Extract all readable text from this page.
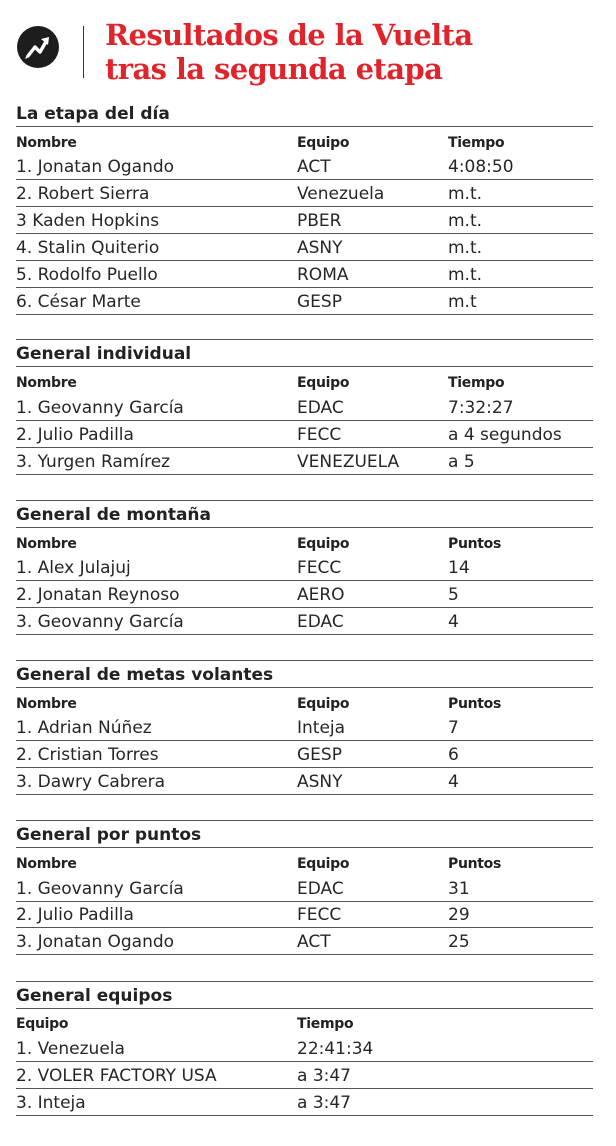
Resultados de la Vuelta
tras la segunda etapa
La etapa del día
Nombre	Equipo	Tiempo
1. Jonatan Ogando	ACT	4:08:50
2. Robert Sierra	Venezuela	m.t.
3 Kaden Hopkins	PBER	m.t.
4. Stalin Quiterio	ASNY	m.t.
5. Rodolfo Puello	ROMA	m.t.
6. César Marte	GESP	m.t
General individual
Nombre	Equipo	Tiempo
1. Geovanny García	EDAC	7:32:27
2. Julio Padilla	FECC	a 4 segundos
3. Yurgen Ramírez	VENEZUELA	a 5
General de montaña
Nombre	Equipo	Puntos
1. Alex Julajuj	FECC	14
2. Jonatan Reynoso	AERO	5
3. Geovanny García	EDAC	4
General de metas volantes
Nombre	Equipo	Puntos
1. Adrian Núñez	Inteja	7
2. Cristian Torres	GESP	6
3. Dawry Cabrera	ASNY	4
General por puntos
Nombre	Equipo	Puntos
1. Geovanny García	EDAC	31
2. Julio Padilla	FECC	29
3. Jonatan Ogando	ACT	25
General equipos
Equipo	Tiempo
1. Venezuela	22:41:34
2. VOLER FACTORY USA	a 3:47
3. Inteja	a 3:47
